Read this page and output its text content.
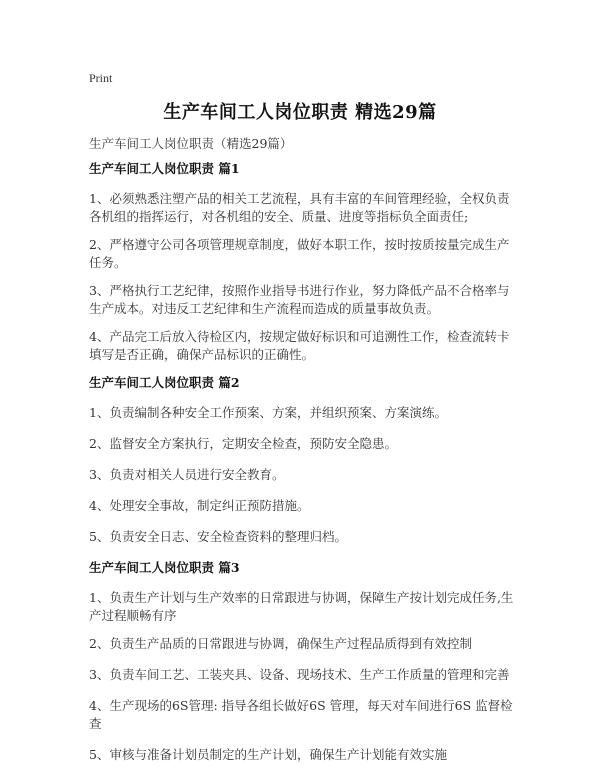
Print
生产车间工人岗位职责 精选29篇
生产车间工人岗位职责（精选29篇）
生产车间工人岗位职责 篇1
1、必须熟悉注塑产品的相关工艺流程，具有丰富的车间管理经验，全权负责各机组的指挥运行，对各机组的安全、质量、进度等指标负全面责任;
2、严格遵守公司各项管理规章制度，做好本职工作，按时按质按量完成生产任务。
3、严格执行工艺纪律，按照作业指导书进行作业，努力降低产品不合格率与生产成本。对违反工艺纪律和生产流程而造成的质量事故负责。
4、产品完工后放入待检区内，按规定做好标识和可追溯性工作，检查流转卡填写是否正确，确保产品标识的正确性。
生产车间工人岗位职责 篇2
1、负责编制各种安全工作预案、方案，并组织预案、方案演练。
2、监督安全方案执行，定期安全检查，预防安全隐患。
3、负责对相关人员进行安全教育。
4、处理安全事故，制定纠正预防措施。
5、负责安全日志、安全检查资料的整理归档。
生产车间工人岗位职责 篇3
1、负责生产计划与生产效率的日常跟进与协调，保障生产按计划完成任务,生产过程顺畅有序
2、负责生产品质的日常跟进与协调，确保生产过程品质得到有效控制
3、负责车间工艺、工装夹具、设备、现场技术、生产工作质量的管理和完善
4、生产现场的6S管理: 指导各组长做好6S 管理，每天对车间进行6S 监督检查
5、审核与准备计划员制定的生产计划，确保生产计划能有效实施
